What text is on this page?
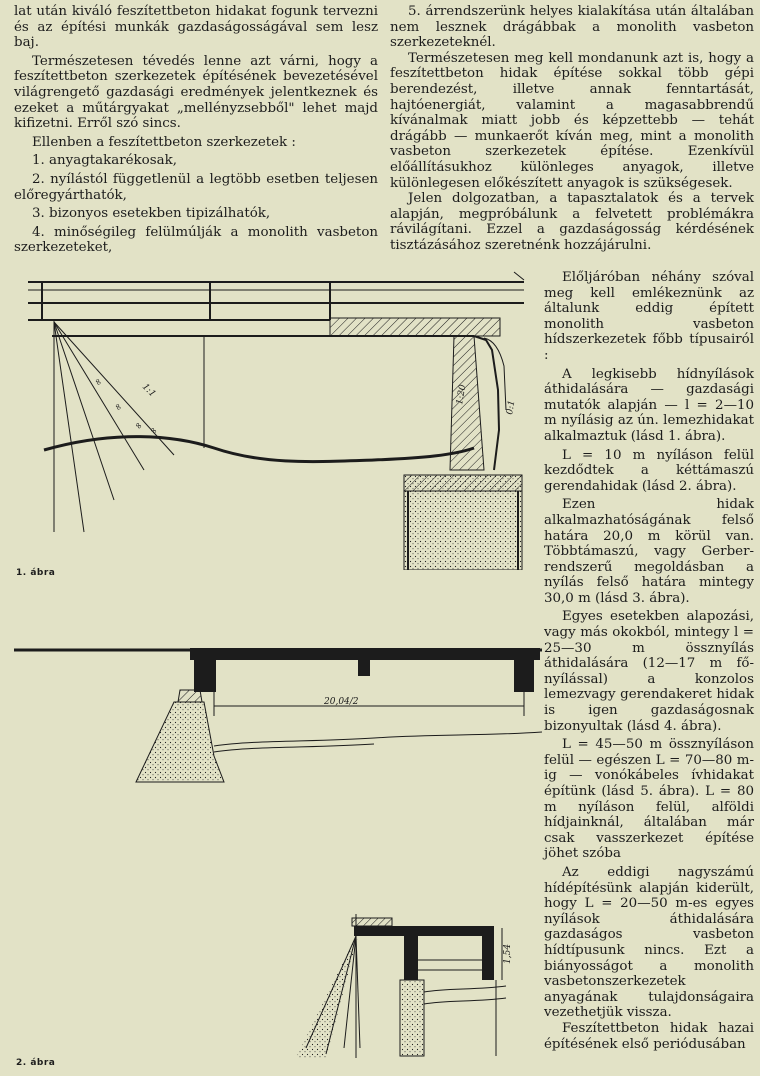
lat után kiváló feszítettbeton hidakat fogunk tervezni és az építési munkák gazdaságosságával sem lesz baj.

Természetesen tévedés lenne azt várni, hogy a feszítettbeton szerkezetek építésének bevezetésével világrengető gazdasági eredmények jelentkeznek és ezeket a műtárgyakat „mellényzsebből" lehet majd kifizetni. Erről szó sincs.

Ellenben a feszítettbeton szerkezetek :

1. anyagtakarékosak,

2. nyílástól függetlenül a legtöbb esetben teljesen előregyárthatók,

3. bizonyos esetekben tipizálhatók,

4. minőségileg felülmúlják a monolith vasbeton szerkezeteket,

5. árrendszerünk helyes kialakítása után általában nem lesznek drágábbak a monolith vasbeton szerkezeteknél.

Természetesen meg kell mondanunk azt is, hogy a feszítettbeton hidak építése sokkal több gépi berendezést, illetve annak fenntartását, hajtóenergiát, valamint a magasabbrendű kívánalmak miatt jobb és képzettebb — tehát drágább — munkaerőt kíván meg, mint a monolith vasbeton szerkezetek építése. Ezenkívül előállításukhoz különleges anyagok, illetve különlegesen előkészített anyagok is szükségesek.

Jelen dolgozatban, a tapasztalatok és a tervek alapján, megpróbálunk a felvetett problémákra rávilágítani. Ezzel a gazdaságosság kérdésének tisztázásához szeretnénk hozzájárulni.

Előljáróban néhány szóval meg kell emlékeznünk az általunk eddig épített monolith vasbeton hídszerkezetek főbb típusairól :

A legkisebb hídnyílások áthidalására — gazdasági mutatók alapján — l = 2—10 m nyílásig az ún. lemezhidakat alkalmaztuk (lásd 1. ábra).

L = 10 m nyíláson felül kezdődtek a kéttámaszú gerendahidak (lásd 2. ábra).

Ezen hidak alkalmazhatóságának felső határa 20,0 m körül van. Többtámaszú, vagy Gerber-rendszerű megoldásban a nyílás felső határa mintegy 30,0 m (lásd 3. ábra).

Egyes esetekben alapozási, vagy más okokból, mintegy l = 25—30 m össznyílás áthidalására (12—17 m fő-nyílással) a konzolos lemezvagy gerendakeret hidak is igen gazdaságosnak bizonyultak (lásd 4. ábra).

L = 45—50 m össznyíláson felül — egészen L = 70—80 m-ig — vonókábeles ívhidakat építünk (lásd 5. ábra). L = 80 m nyíláson felül, alföldi hídjainknál, általában már csak vasszerkezet építése jöhet szóba

Az eddigi nagyszámú hídépítésünk alapján kiderült, hogy L = 20—50 m-es egyes nyílások áthidalására gazdaságos vasbeton hídtípusunk nincs. Ezt a biányosságot a monolith vasbetonszerkezetek anyagának tulajdonságaira vezethetjük vissza.

Feszítettbeton hidak hazai építésének első periódusában

∞
∞
∞ ∞
1:1	1:20
0:1
1. ábra
20,04/2
1,54
2. ábra
